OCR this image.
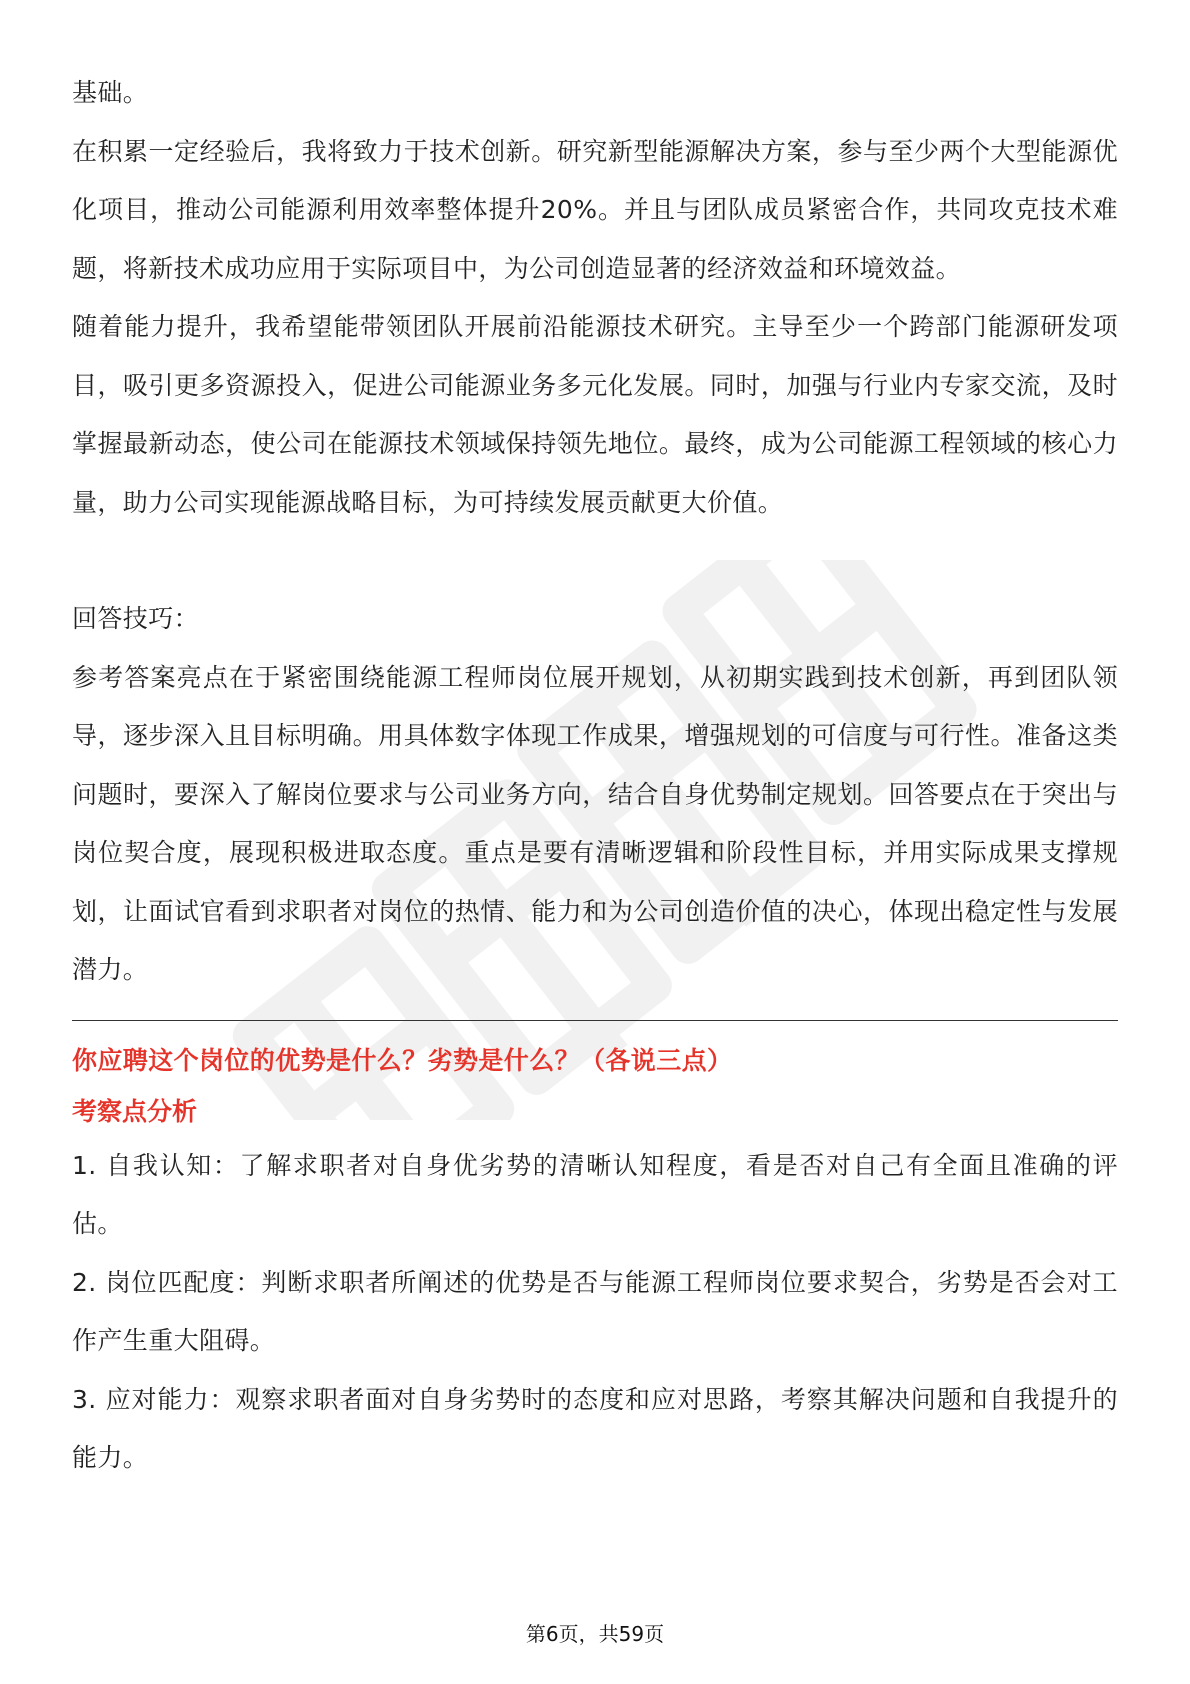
基础。

在积累一定经验后，我将致力于技术创新。研究新型能源解决方案，参与至少两个大型能源优化项目，推动公司能源利用效率整体提升20%。并且与团队成员紧密合作，共同攻克技术难题，将新技术成功应用于实际项目中，为公司创造显著的经济效益和环境效益。

随着能力提升，我希望能带领团队开展前沿能源技术研究。主导至少一个跨部门能源研发项目，吸引更多资源投入，促进公司能源业务多元化发展。同时，加强与行业内专家交流，及时掌握最新动态，使公司在能源技术领域保持领先地位。最终，成为公司能源工程领域的核心力量，助力公司实现能源战略目标，为可持续发展贡献更大价值。

回答技巧：

参考答案亮点在于紧密围绕能源工程师岗位展开规划，从初期实践到技术创新，再到团队领导，逐步深入且目标明确。用具体数字体现工作成果，增强规划的可信度与可行性。准备这类问题时，要深入了解岗位要求与公司业务方向，结合自身优势制定规划。回答要点在于突出与岗位契合度，展现积极进取态度。重点是要有清晰逻辑和阶段性目标，并用实际成果支撑规划，让面试官看到求职者对岗位的热情、能力和为公司创造价值的决心，体现出稳定性与发展潜力。

你应聘这个岗位的优势是什么？劣势是什么？（各说三点）

考察点分析

1. 自我认知：了解求职者对自身优劣势的清晰认知程度，看是否对自己有全面且准确的评估。

2. 岗位匹配度：判断求职者所阐述的优势是否与能源工程师岗位要求契合，劣势是否会对工作产生重大阻碍。

3. 应对能力：观察求职者面对自身劣势时的态度和应对思路，考察其解决问题和自我提升的能力。

第6页，共59页
